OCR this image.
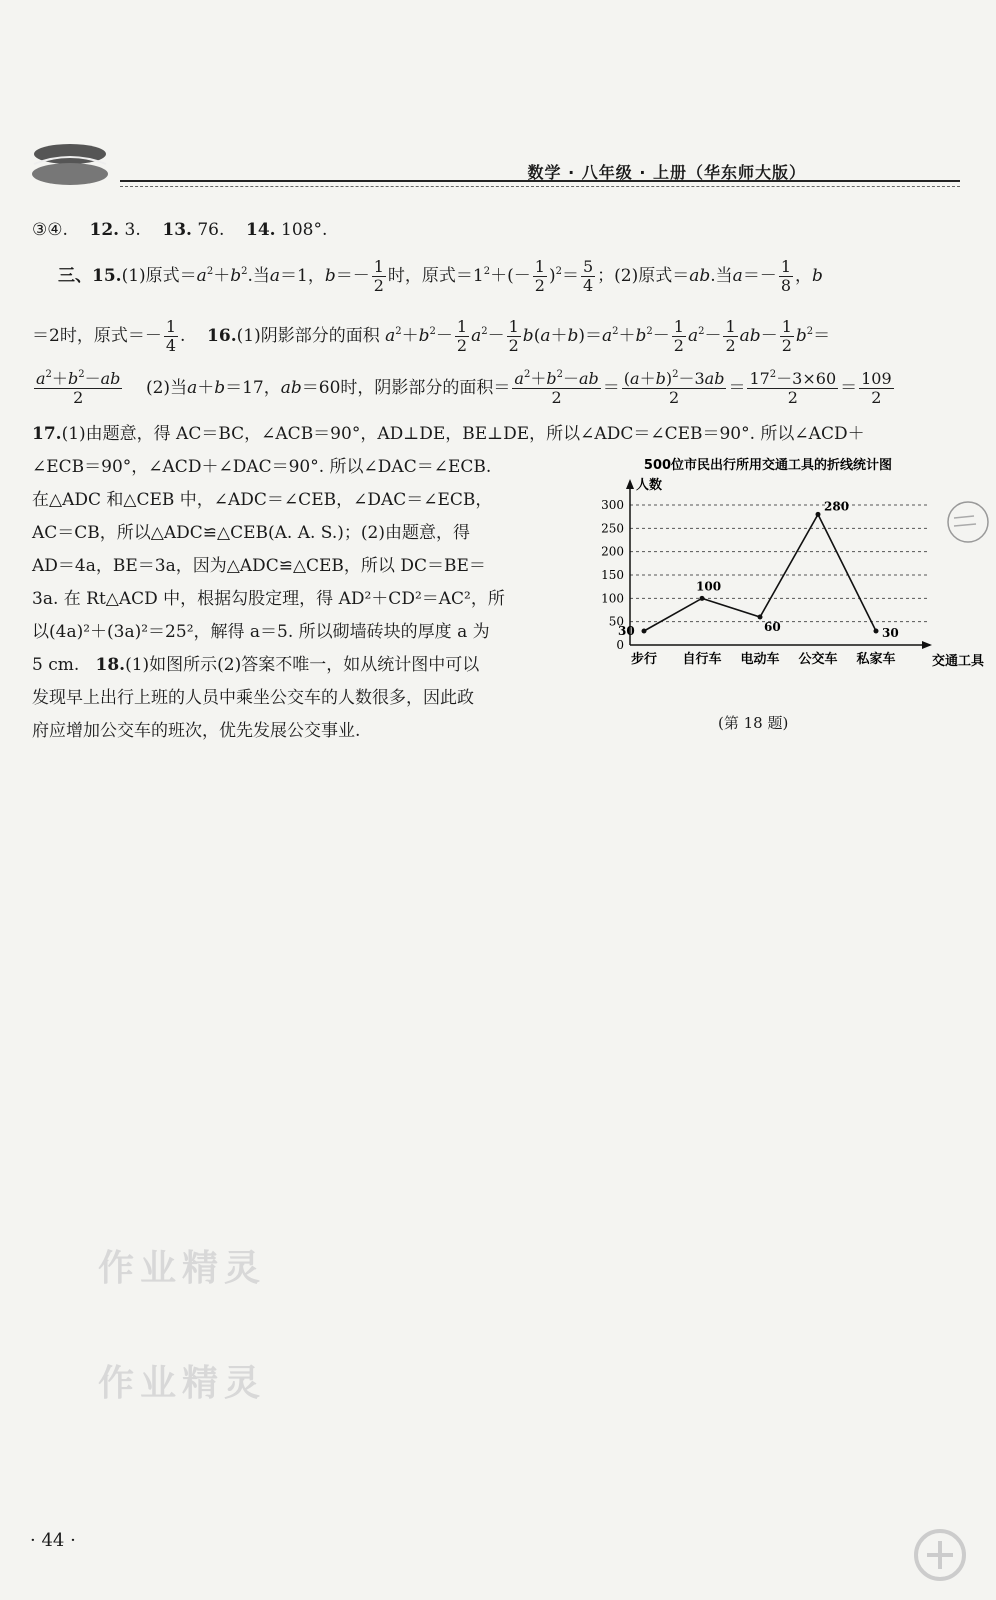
数学 · 八年级 · 上册（华东师大版）
③④. 12. 3. 13. 76. 14. 108°.
三、15.(1)原式$=a^2+b^2$.当a＝1，$b=- \frac{1}{2}$ 时，原式$=1^2+(- \frac{1}{2} )^2= \frac{5}{4}$ ；(2)原式＝ab.当$a=- \frac{1}{8}$ ，b
＝2时，原式＝－ $\frac{1}{4}$ .    16.(1)阴影部分的面积 $a^2+b^2- \frac{1}{2} a^2- \frac{1}{2} b(a+b)=a^2+b^2- \frac{1}{2} a^2- \frac{1}{2} ab- \frac{1}{2} b^2=$
$\frac{a^2+b^2-ab}{2} (2)$当a＋b＝17，ab＝60时，阴影部分的面积＝ $\frac{a^2+b^2-ab}{2} = \frac{(a+b)^2-3ab}{2} = \frac{17^2-3\times 60}{2} = \frac{109}{2}$
17.(1)由题意，得 AC＝BC，∠ACB＝90°，AD⊥DE，BE⊥DE，所以∠ADC＝∠CEB＝90°. 所以∠ACD＋
∠ECB＝90°，∠ACD＋∠DAC＝90°. 所以∠DAC＝∠ECB.
在△ADC 和△CEB 中，∠ADC＝∠CEB，∠DAC＝∠ECB，
AC＝CB，所以△ADC≌△CEB(A. A. S.)；(2)由题意，得
AD＝4a，BE＝3a，因为△ADC≌△CEB，所以 DC＝BE＝
3a. 在 Rt△ACD 中，根据勾股定理，得 AD²＋CD²＝AC²，所
以(4a)²＋(3a)²＝25²，解得 a＝5. 所以砌墙砖块的厚度 a 为
5 cm. 18.(1)如图所示(2)答案不唯一，如从统计图中可以
发现早上出行上班的人员中乘坐公交车的人数很多，因此政
府应增加公交车的班次，优先发展公交事业.
500位市民出行所用交通工具的折线统计图
人数
0
50
100
150
200
250
300
步行 自行车 电动车 公交车 私家车	交通工具
30
100
60
280
30
(第 18 题)
作业精灵
作业精灵
· 44 ·
